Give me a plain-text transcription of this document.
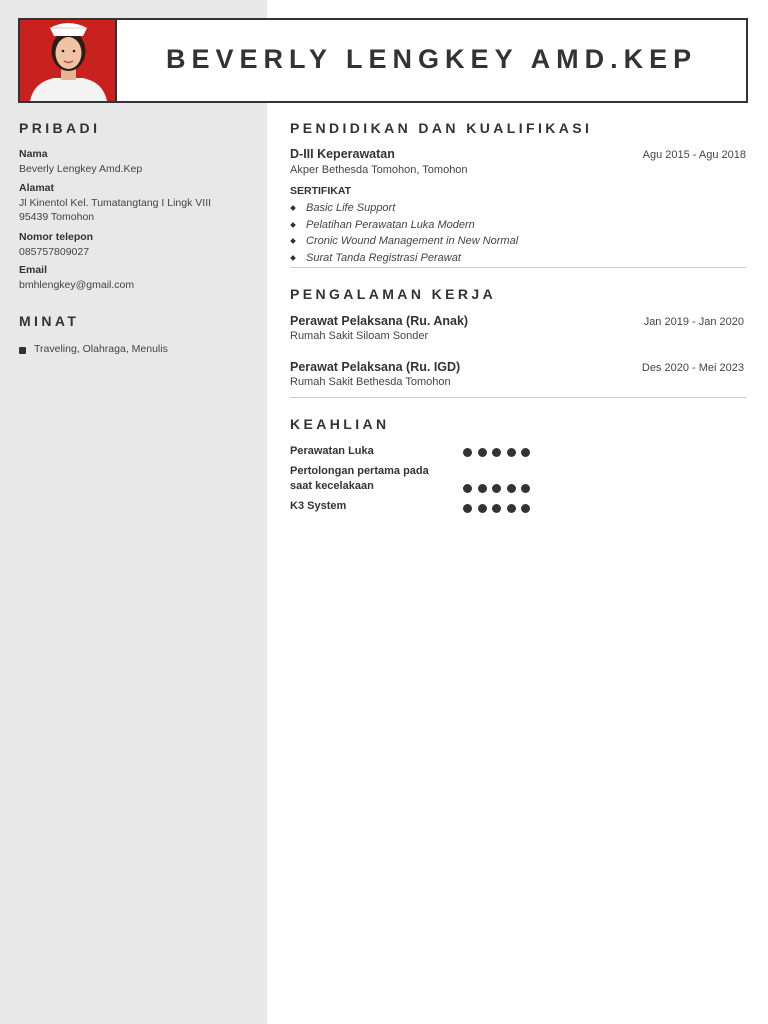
BEVERLY LENGKEY AMD.KEP
PRIBADI
Nama
Beverly Lengkey Amd.Kep
Alamat
Jl Kinentol Kel. Tumatangtang I Lingk VIII
95439 Tomohon
Nomor telepon
085757809027
Email
bmhlengkey@gmail.com
MINAT
Traveling, Olahraga, Menulis
PENDIDIKAN DAN KUALIFIKASI
D-III Keperawatan	Agu 2015 - Agu 2018
Akper Bethesda Tomohon, Tomohon
SERTIFIKAT
Basic Life Support
Pelatihan Perawatan Luka Modern
Cronic Wound Management in New Normal
Surat Tanda Registrasi Perawat
PENGALAMAN KERJA
Perawat Pelaksana (Ru. Anak)	Jan 2019 - Jan 2020
Rumah Sakit Siloam Sonder
Perawat Pelaksana (Ru. IGD)	Des 2020 - Mei 2023
Rumah Sakit Bethesda Tomohon
KEAHLIAN
Perawatan Luka
Pertolongan pertama pada
saat kecelakaan
K3 System
